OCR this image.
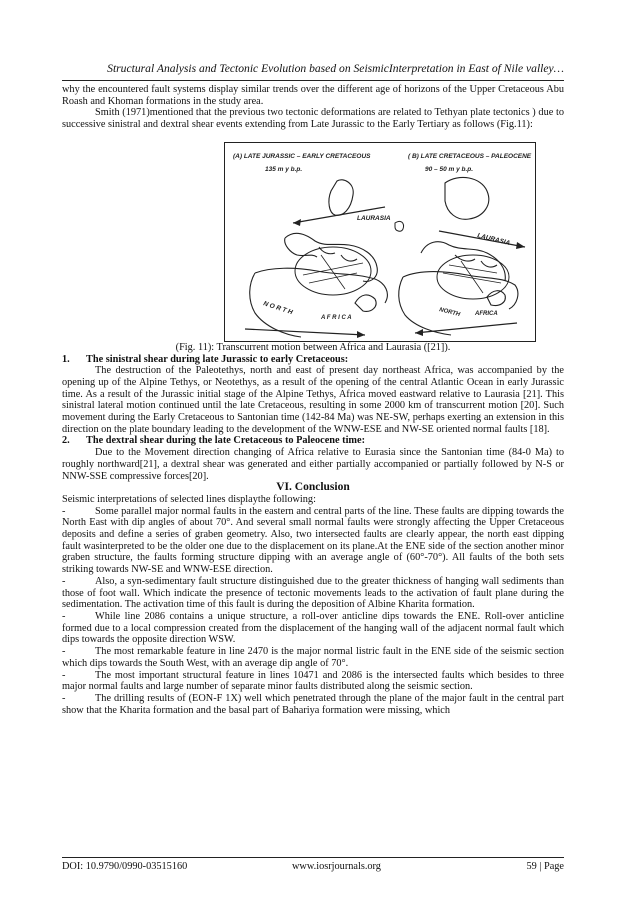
Structural Analysis and Tectonic Evolution based on SeismicInterpretation in East of Nile valley…

why the encountered fault systems display similar trends over the different age of horizons of the Upper Cretaceous Abu Roash and Khoman formations in the study area.

Smith (1971)mentioned that the previous two tectonic deformations are related to Tethyan plate tectonics ) due to successive sinistral and dextral shear events extending from Late Jurassic to the Early Tertiary as follows (Fig.11):

(A) LATE JURASSIC – EARLY CRETACEOUS
135 m y b.p.
( B) LATE CRETACEOUS – PALEOCENE
90 – 50 m y b.p.
LAURASIA
N O R T H
A F R I C A
LAURASIA
NORTH AFRICA

(Fig. 11): Transcurrent motion between Africa and Laurasia ([21]).

1. The sinistral shear during late Jurassic to early Cretaceous:

The destruction of the Paleotethys, north and east of present day northeast Africa, was accompanied by the opening up of the Alpine Tethys, or Neotethys, as a result of the opening of the central Atlantic Ocean in early Jurassic time. As a result of the Jurassic initial stage of the Alpine Tethys, Africa moved eastward relative to Laurasia [21]. This sinistral lateral motion continued until the late Cretaceous, resulting in some 2000 km of transcurrent motion [20]. Such movement during the Early Cretaceous to Santonian time (142-84 Ma) was NE-SW, perhaps exerting an extension in this direction on the plate boundary leading to the development of the WNW-ESE and NW-SE oriented normal faults [18].

2. The dextral shear during the late Cretaceous to Paleocene time:

Due to the Movement direction changing of Africa relative to Eurasia since the Santonian time (84-0 Ma) to roughly northward[21], a dextral shear was generated and either partially accompanied or partially followed by N-S or NNW-SSE compressive forces[20].

VI. Conclusion

Seismic interpretations of selected lines displaythe following:

-	Some parallel major normal faults in the eastern and central parts of the line. These faults are dipping towards the North East with dip angles of about 70°. And several small normal faults were strongly affecting the Upper Cretaceous deposits and define a series of graben geometry. Also, two intersected faults are clearly appear, the north east dipping fault wasinterpreted to be the older one due to the displacement on its plane.At the ENE side of the section another minor graben structure, the faults forming structure dipping with an average angle of (60°-70°). All faults of the both sets striking towards NW-SE and WNW-ESE direction.

-	Also, a syn-sedimentary fault structure distinguished due to the greater thickness of hanging wall sediments than those of foot wall. Which indicate the presence of tectonic movements leads to the activation of fault plane during the sedimentation. The activation time of this fault is during the deposition of Albine Kharita formation.

-	While line 2086 contains a unique structure, a roll-over anticline dips towards the ENE. Roll-over anticline formed due to a local compression created from the displacement of the hanging wall of the adjacent normal fault which dips towards the opposite direction WSW.

-	The most remarkable feature in line 2470 is the major normal listric fault in the ENE side of the seismic section which dips towards the South West, with an average dip angle of 70°.

-	The most important structural feature in lines 10471 and 2086 is the intersected faults which besides to three major normal faults and large number of separate minor faults distributed along the seismic section.

-	The drilling results of (EON-F 1X) well which penetrated through the plane of the major fault in the central part show that the Kharita formation and the basal part of Bahariya formation were missing, which

DOI: 10.9790/0990-03515160	www.iosrjournals.org	59 | Page
